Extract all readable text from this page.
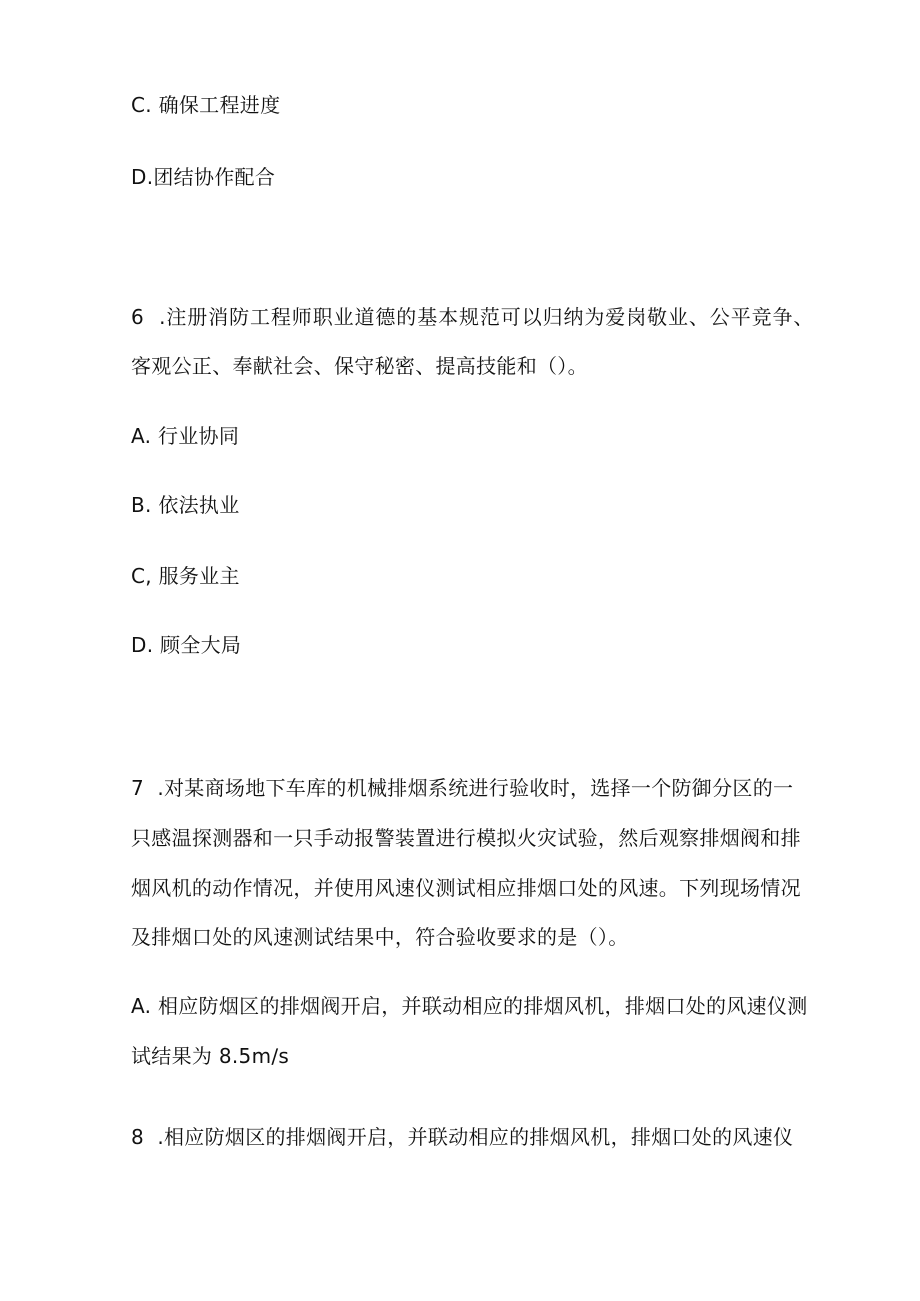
C. 确保工程进度
D.团结协作配合
6  .注册消防工程师职业道德的基本规范可以归纳为爱岗敬业、公平竞争、
客观公正、奉献社会、保守秘密、提高技能和（）。
A. 行业协同
B. 依法执业
C, 服务业主
D. 顾全大局
7  .对某商场地下车库的机械排烟系统进行验收时，选择一个防御分区的一
只感温探测器和一只手动报警装置进行模拟火灾试验，然后观察排烟阀和排
烟风机的动作情况，并使用风速仪测试相应排烟口处的风速。下列现场情况
及排烟口处的风速测试结果中，符合验收要求的是（）。
A. 相应防烟区的排烟阀开启，并联动相应的排烟风机，排烟口处的风速仪测
试结果为 8.5m∕s
8  .相应防烟区的排烟阀开启，并联动相应的排烟风机，排烟口处的风速仪
